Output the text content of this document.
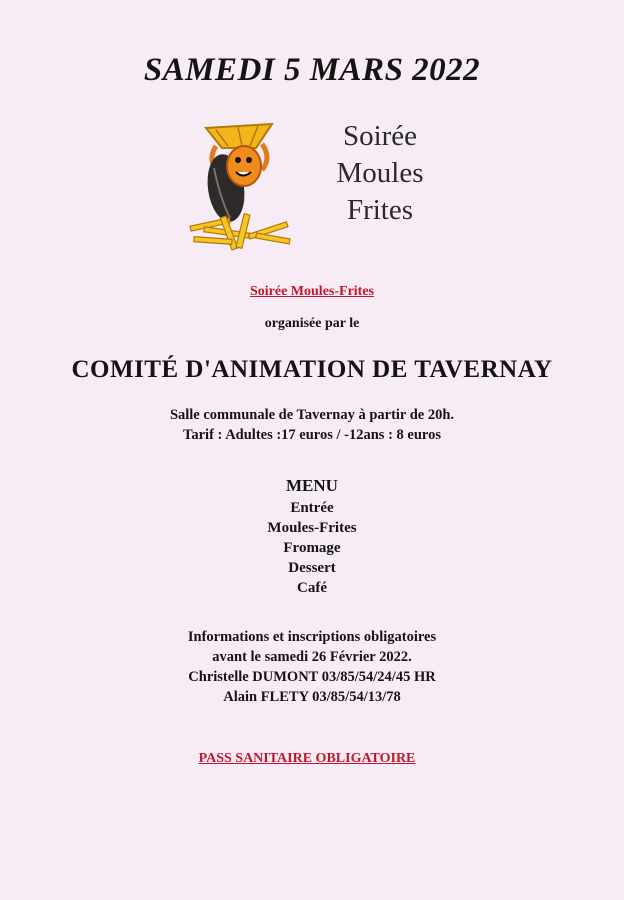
SAMEDI 5 MARS 2022
Soirée
Moules
Frites
Soirée Moules-Frites
organisée par le
COMITÉ D'ANIMATION DE TAVERNAY
Salle communale de Tavernay à partir de 20h.
Tarif : Adultes :17 euros / -12ans : 8 euros
MENU
Entrée
Moules-Frites
Fromage
Dessert
Café
Informations et inscriptions obligatoires
avant le samedi 26 Février 2022.
Christelle DUMONT 03/85/54/24/45 HR
Alain FLETY 03/85/54/13/78
PASS SANITAIRE OBLIGATOIRE
